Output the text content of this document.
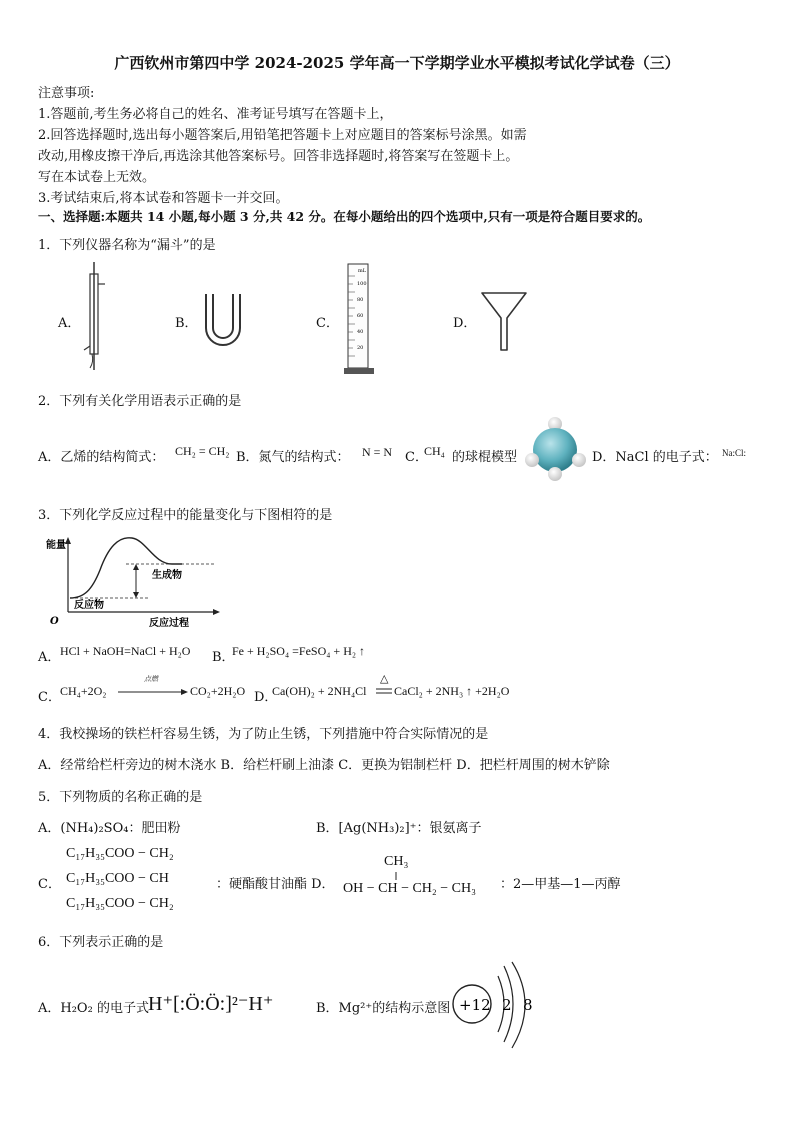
广西钦州市第四中学 2024-2025 学年高一下学期学业水平模拟考试化学试卷（三）
注意事项:
1.答题前,考生务必将自己的姓名、准考证号填写在答题卡上，
2.回答选择题时,选出每小题答案后,用铅笔把答题卡上对应题目的答案标号涂黑。如需
改动,用橡皮擦干净后,再选涂其他答案标号。回答非选择题时,将答案写在签题卡上。
写在本试卷上无效。
3.考试结束后,将本试卷和答题卡一并交回。
一、选择题:本题共 14 小题,每小题 3 分,共 42 分。在每小题给出的四个选项中,只有一项是符合题目要求的。
1．下列仪器名称为“漏斗”的是
A．	B．	C．	D．
mL
100
80
60
40
20
2．下列有关化学用语表示正确的是
A．乙烯的结构简式： CH₂ = CH₂ B．氮气的结构式： N = N C．
CH₄ 的球棍模型	D．NaCl 的电子式： Na:Cl:
3．下列化学反应过程中的能量变化与下图相符的是
能量
O
生成物
反应物
反应过程
A． HCl + NaOH=NaCl + H₂O B．
Fe + H₂SO₄ =FeSO₄ + H₂ ↑
C． CH₄+2O₂
点燃
CO₂+2H₂O D．
Ca(OH)₂ + 2NH₄Cl
△
CaCl₂ + 2NH₃ ↑ +2H₂O
4．我校操场的铁栏杆容易生锈，为了防止生锈，下列措施中符合实际情况的是
A．经常给栏杆旁边的树木浇水 B．给栏杆刷上油漆 C．更换为铝制栏杆 D．把栏杆周围的树木铲除
5．下列物质的名称正确的是
A．(NH₄)₂SO₄：肥田粉	B．[Ag(NH₃)₂]⁺：银氨离子
C．
C₁₇H₃₅COO − CH₂
C₁₇H₃₅COO − CH
C₁₇H₃₅COO − CH₂
：硬酯酸甘油酯 D．
CH₃
OH − CH − CH₂ − CH₃ ：2—甲基—1—丙醇
6．下列表示正确的是
A．H₂O₂ 的电子式 H⁺[:Ö:Ö:]²⁻H⁺	B．Mg²⁺的结构示意图 +12 2 8
